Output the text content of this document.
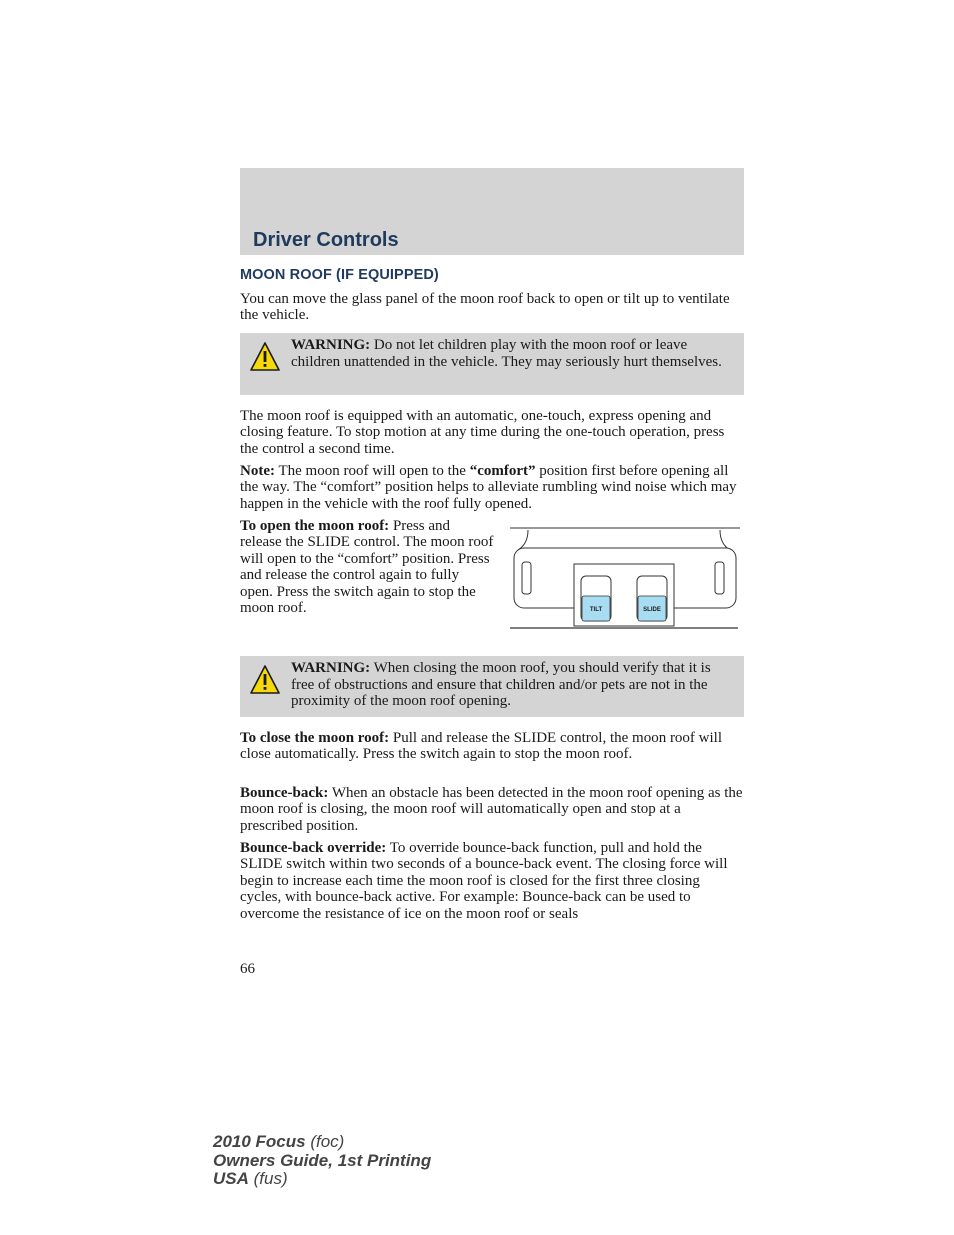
Driver Controls
MOON ROOF (IF EQUIPPED)

You can move the glass panel of the moon roof back to open or tilt up to ventilate the vehicle.

WARNING: Do not let children play with the moon roof or leave children unattended in the vehicle. They may seriously hurt themselves.

The moon roof is equipped with an automatic, one-touch, express opening and closing feature. To stop motion at any time during the one-touch operation, press the control a second time.

Note: The moon roof will open to the “comfort” position first before opening all the way. The “comfort” position helps to alleviate rumbling wind noise which may happen in the vehicle with the roof fully opened.

To open the moon roof: Press and release the SLIDE control. The moon roof will open to the “comfort” position. Press and release the control again to fully open. Press the switch again to stop the moon roof.	TILT	SLIDE
WARNING: When closing the moon roof, you should verify that it is free of obstructions and ensure that children and/or pets are not in the proximity of the moon roof opening.

To close the moon roof: Pull and release the SLIDE control, the moon roof will close automatically. Press the switch again to stop the moon roof.

Bounce-back: When an obstacle has been detected in the moon roof opening as the moon roof is closing, the moon roof will automatically open and stop at a prescribed position.

Bounce-back override: To override bounce-back function, pull and hold the SLIDE switch within two seconds of a bounce-back event. The closing force will begin to increase each time the moon roof is closed for the first three closing cycles, with bounce-back active. For example: Bounce-back can be used to overcome the resistance of ice on the moon roof or seals

66
2010 Focus (foc)
Owners Guide, 1st Printing
USA (fus)
